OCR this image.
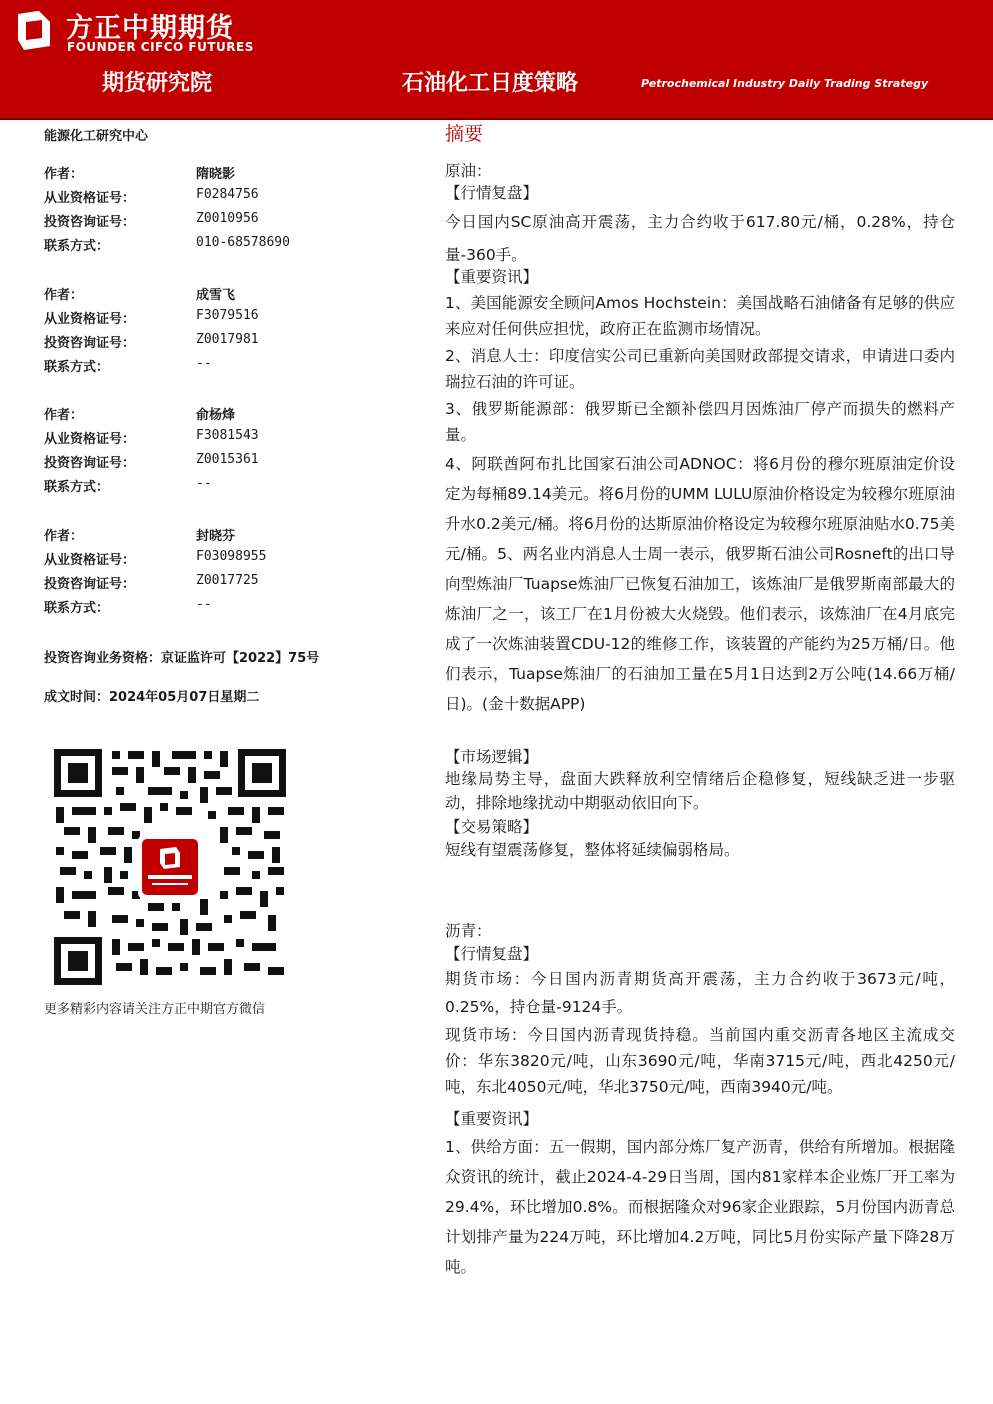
方正中期期货
FOUNDER CIFCO FUTURES
期货研究院	石油化工日度策略	Petrochemical Industry Daily Trading Strategy
能源化工研究中心
作者：	隋晓影
从业资格证号：	F0284756
投资咨询证号：	Z0010956
联系方式：	010-68578690
作者：	成雪飞
从业资格证号：	F3079516
投资咨询证号：	Z0017981
联系方式：	--
作者：	俞杨烽
从业资格证号：	F3081543
投资咨询证号：	Z0015361
联系方式：	--
作者：	封晓芬
从业资格证号：	F03098955
投资咨询证号：	Z0017725
联系方式：	--
投资咨询业务资格：京证监许可【2022】75号
成文时间：2024年05月07日星期二
更多精彩内容请关注方正中期官方微信
摘要
原油：
【行情复盘】
今日国内SC原油高开震荡，主力合约收于617.80元/桶，0.28%，持仓量-360手。
【重要资讯】
1、美国能源安全顾问Amos Hochstein：美国战略石油储备有足够的供应来应对任何供应担忧，政府正在监测市场情况。
2、消息人士：印度信实公司已重新向美国财政部提交请求，申请进口委内瑞拉石油的许可证。
3、俄罗斯能源部：俄罗斯已全额补偿四月因炼油厂停产而损失的燃料产量。
4、阿联酋阿布扎比国家石油公司ADNOC：将6月份的穆尔班原油定价设定为每桶89.14美元。将6月份的UMM LULU原油价格设定为较穆尔班原油升水0.2美元/桶。将6月份的达斯原油价格设定为较穆尔班原油贴水0.75美元/桶。5、两名业内消息人士周一表示，俄罗斯石油公司Rosneft的出口导向型炼油厂Tuapse炼油厂已恢复石油加工，该炼油厂是俄罗斯南部最大的炼油厂之一，该工厂在1月份被大火烧毁。他们表示，该炼油厂在4月底完成了一次炼油装置CDU-12的维修工作，该装置的产能约为25万桶/日。他们表示，Tuapse炼油厂的石油加工量在5月1日达到2万公吨(14.66万桶/日)。(金十数据APP)
【市场逻辑】
地缘局势主导，盘面大跌释放利空情绪后企稳修复，短线缺乏进一步驱动，排除地缘扰动中期驱动依旧向下。
【交易策略】
短线有望震荡修复，整体将延续偏弱格局。
沥青：
【行情复盘】
期货市场：今日国内沥青期货高开震荡，主力合约收于3673元/吨，0.25%，持仓量-9124手。
现货市场：今日国内沥青现货持稳。当前国内重交沥青各地区主流成交价：华东3820元/吨，山东3690元/吨，华南3715元/吨，西北4250元/吨，东北4050元/吨，华北3750元/吨，西南3940元/吨。
【重要资讯】
1、供给方面：五一假期，国内部分炼厂复产沥青，供给有所增加。根据隆众资讯的统计，截止2024-4-29日当周，国内81家样本企业炼厂开工率为29.4%，环比增加0.8%。而根据隆众对96家企业跟踪，5月份国内沥青总计划排产量为224万吨，环比增加4.2万吨，同比5月份实际产量下降28万吨。
